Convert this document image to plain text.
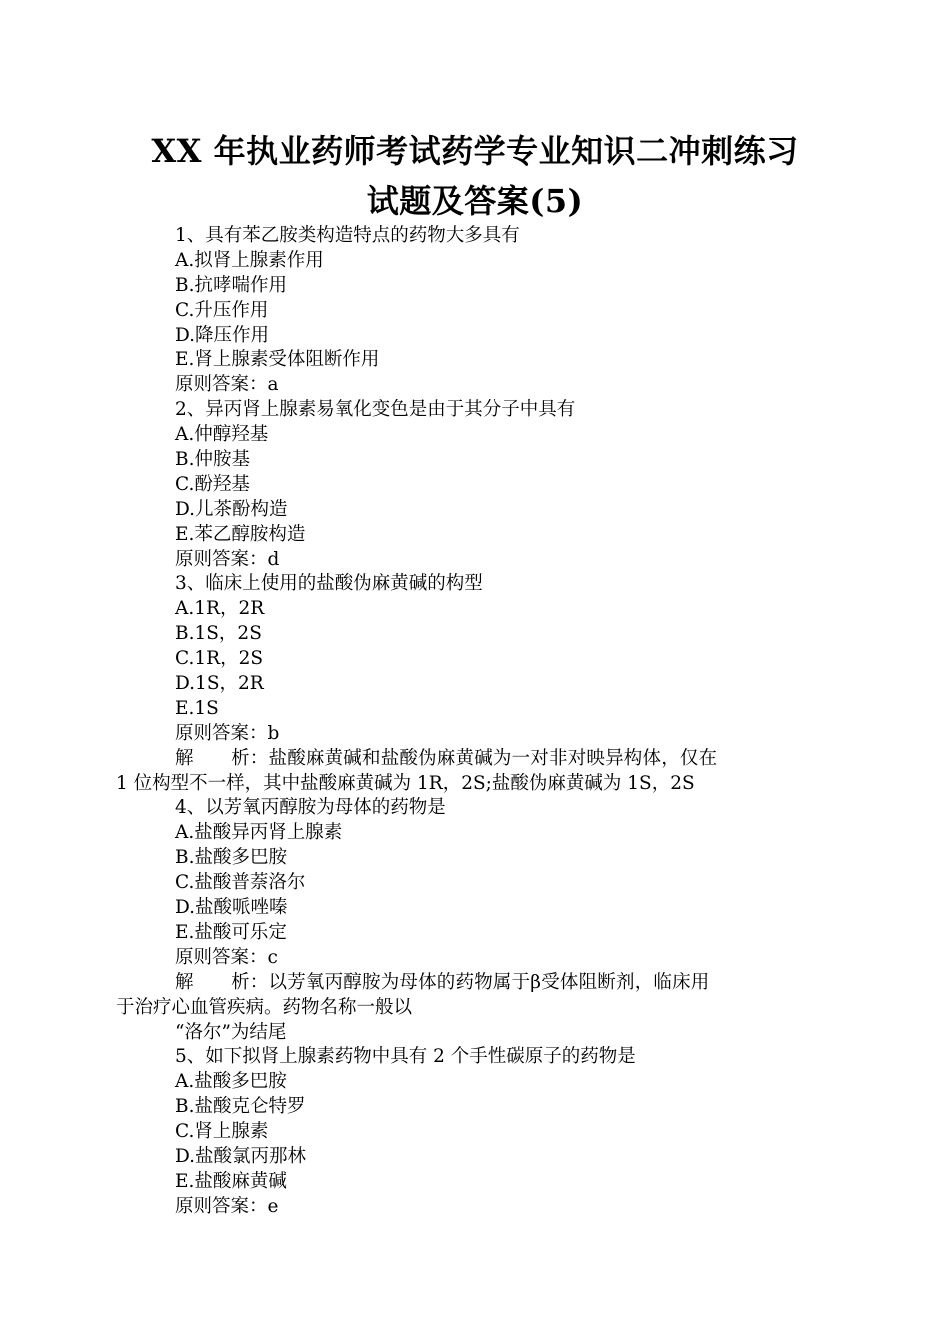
XX 年执业药师考试药学专业知识二冲刺练习
试题及答案(5)
1、具有苯乙胺类构造特点的药物大多具有
A.拟肾上腺素作用
B.抗哮喘作用
C.升压作用
D.降压作用
E.肾上腺素受体阻断作用
原则答案：a
2、异丙肾上腺素易氧化变色是由于其分子中具有
A.仲醇羟基
B.仲胺基
C.酚羟基
D.儿茶酚构造
E.苯乙醇胺构造
原则答案：d
3、临床上使用的盐酸伪麻黄碱的构型
A.1R，2R
B.1S，2S
C.1R，2S
D.1S，2R
E.1S
原则答案：b
解　　析：盐酸麻黄碱和盐酸伪麻黄碱为一对非对映异构体，仅在
1 位构型不一样，其中盐酸麻黄碱为 1R，2S;盐酸伪麻黄碱为 1S，2S
4、以芳氧丙醇胺为母体的药物是
A.盐酸异丙肾上腺素
B.盐酸多巴胺
C.盐酸普萘洛尔
D.盐酸哌唑嗪
E.盐酸可乐定
原则答案：c
解　　析：以芳氧丙醇胺为母体的药物属于β受体阻断剂，临床用
于治疗心血管疾病。药物名称一般以
“洛尔”为结尾
5、如下拟肾上腺素药物中具有 2 个手性碳原子的药物是
A.盐酸多巴胺
B.盐酸克仑特罗
C.肾上腺素
D.盐酸氯丙那林
E.盐酸麻黄碱
原则答案：e
